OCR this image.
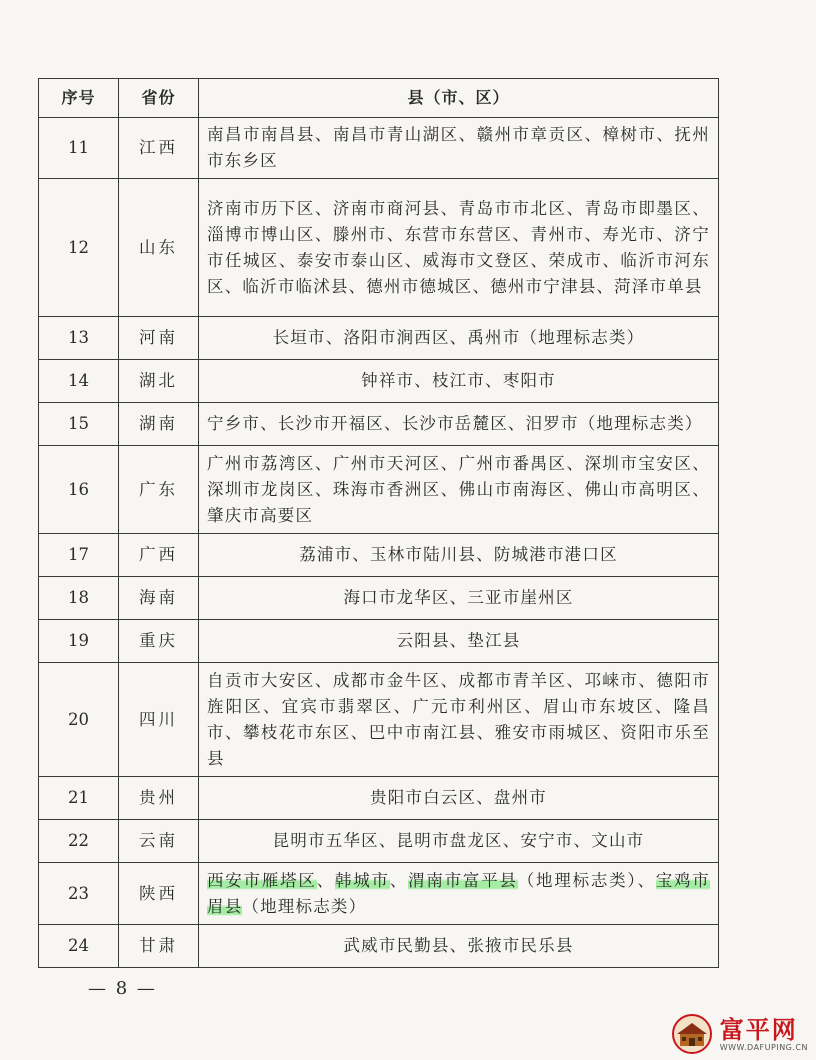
序号	省份	县（市、区）
11	江西	南昌市南昌县、南昌市青山湖区、赣州市章贡区、樟树市、抚州市东乡区
12	山东	济南市历下区、济南市商河县、青岛市市北区、青岛市即墨区、淄博市博山区、滕州市、东营市东营区、青州市、寿光市、济宁市任城区、泰安市泰山区、威海市文登区、荣成市、临沂市河东区、临沂市临沭县、德州市德城区、德州市宁津县、菏泽市单县
13	河南	长垣市、洛阳市涧西区、禹州市（地理标志类）
14	湖北	钟祥市、枝江市、枣阳市
15	湖南	宁乡市、长沙市开福区、长沙市岳麓区、汨罗市（地理标志类）
16	广东	广州市荔湾区、广州市天河区、广州市番禺区、深圳市宝安区、深圳市龙岗区、珠海市香洲区、佛山市南海区、佛山市高明区、肇庆市高要区
17	广西	荔浦市、玉林市陆川县、防城港市港口区
18	海南	海口市龙华区、三亚市崖州区
19	重庆	云阳县、垫江县
20	四川	自贡市大安区、成都市金牛区、成都市青羊区、邛崃市、德阳市旌阳区、宜宾市翡翠区、广元市利州区、眉山市东坡区、隆昌市、攀枝花市东区、巴中市南江县、雅安市雨城区、资阳市乐至县
21	贵州	贵阳市白云区、盘州市
22	云南	昆明市五华区、昆明市盘龙区、安宁市、文山市
23	陕西	西安市雁塔区、韩城市、渭南市富平县（地理标志类）、宝鸡市眉县（地理标志类）
24	甘肃	武威市民勤县、张掖市民乐县
— 8 —
富平网
WWW.DAFUPING.CN
